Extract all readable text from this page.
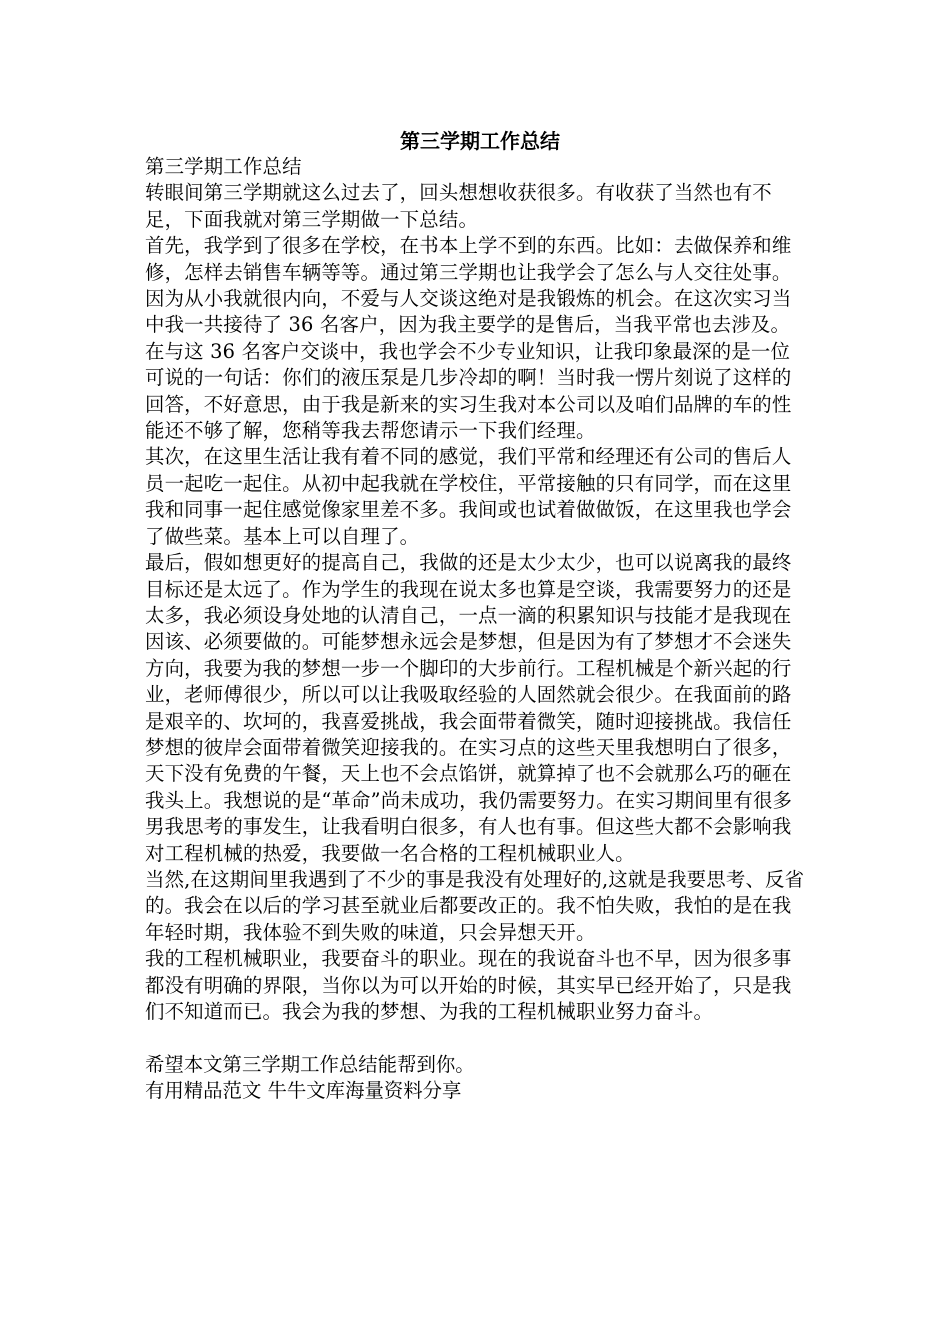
第三学期工作总结

第三学期工作总结

转眼间第三学期就这么过去了，回头想想收获很多。有收获了当然也有不足，下面我就对第三学期做一下总结。

首先，我学到了很多在学校，在书本上学不到的东西。比如：去做保养和维修，怎样去销售车辆等等。通过第三学期也让我学会了怎么与人交往处事。因为从小我就很内向，不爱与人交谈这绝对是我锻炼的机会。在这次实习当中我一共接待了 36 名客户，因为我主要学的是售后，当我平常也去涉及。在与这 36 名客户交谈中，我也学会不少专业知识，让我印象最深的是一位可说的一句话：你们的液压泵是几步冷却的啊！当时我一愣片刻说了这样的回答，不好意思，由于我是新来的实习生我对本公司以及咱们品牌的车的性能还不够了解，您稍等我去帮您请示一下我们经理。

其次，在这里生活让我有着不同的感觉，我们平常和经理还有公司的售后人员一起吃一起住。从初中起我就在学校住，平常接触的只有同学，而在这里我和同事一起住感觉像家里差不多。我间或也试着做做饭，在这里我也学会了做些菜。基本上可以自理了。

最后，假如想更好的提高自己，我做的还是太少太少，也可以说离我的最终目标还是太远了。作为学生的我现在说太多也算是空谈，我需要努力的还是太多，我必须设身处地的认清自己，一点一滴的积累知识与技能才是我现在因该、必须要做的。可能梦想永远会是梦想，但是因为有了梦想才不会迷失方向，我要为我的梦想一步一个脚印的大步前行。工程机械是个新兴起的行业，老师傅很少，所以可以让我吸取经验的人固然就会很少。在我面前的路是艰辛的、坎坷的，我喜爱挑战，我会面带着微笑，随时迎接挑战。我信任梦想的彼岸会面带着微笑迎接我的。在实习点的这些天里我想明白了很多，天下没有免费的午餐，天上也不会点馅饼，就算掉了也不会就那么巧的砸在我头上。我想说的是“革命”尚未成功，我仍需要努力。在实习期间里有很多男我思考的事发生，让我看明白很多，有人也有事。但这些大都不会影响我对工程机械的热爱，我要做一名合格的工程机械职业人。

当然,在这期间里我遇到了不少的事是我没有处理好的,这就是我要思考、反省的。我会在以后的学习甚至就业后都要改正的。我不怕失败，我怕的是在我年轻时期，我体验不到失败的味道，只会异想天开。

我的工程机械职业，我要奋斗的职业。现在的我说奋斗也不早，因为很多事都没有明确的界限，当你以为可以开始的时候，其实早已经开始了，只是我们不知道而已。我会为我的梦想、为我的工程机械职业努力奋斗。

希望本文第三学期工作总结能帮到你。

有用精品范文 牛牛文库海量资料分享
